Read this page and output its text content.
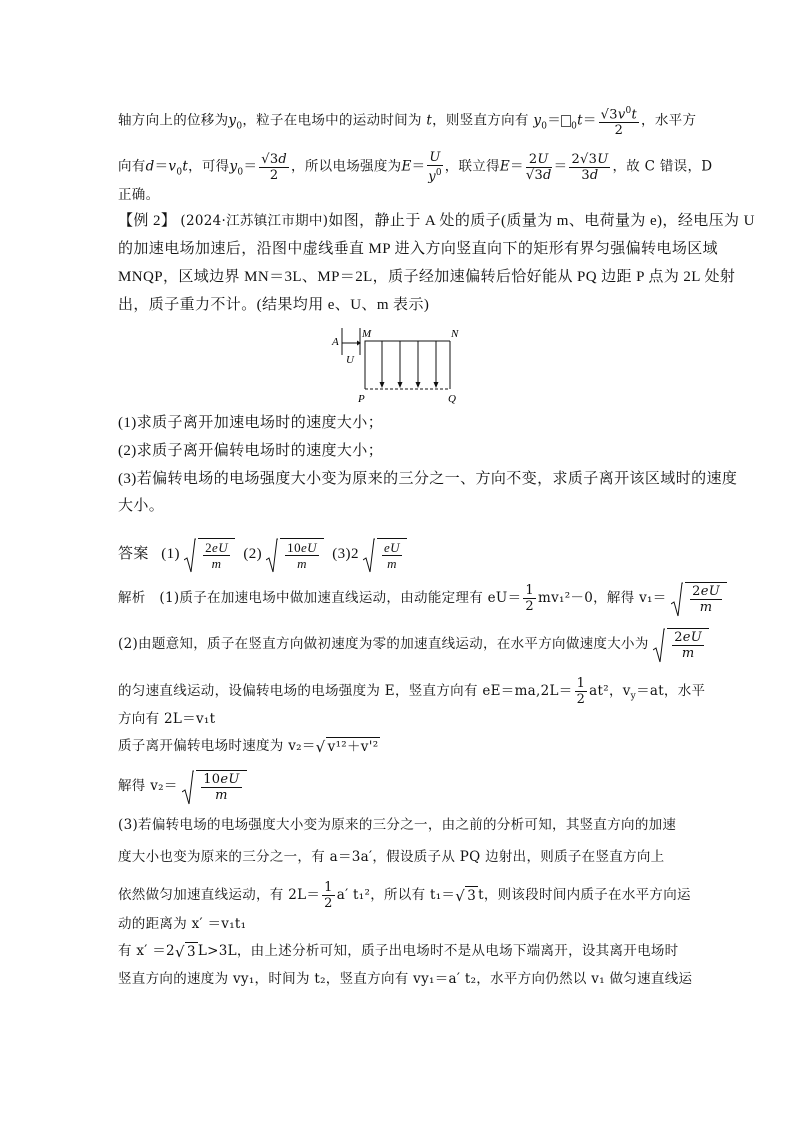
轴方向上的位移为$y_0$，粒子在电场中的运动时间为 t，则竖直方向有 $y_0= _0t= \frac{√3v^0t}{2}$ ，水平方
向有$d=v_0t$，可得$y_0= \frac{√3d}{2}$ ，所以电场强度为$E= \frac{U}{y^0}$ ，联立得$E= \frac{2U}{√3d} = \frac{2√3U}{3d}$ ，故 C 错误，D
正确。
【例 2】 (2024·江苏镇江市期中)如图，静止于 A 处的质子(质量为 m、电荷量为 e)，经电压为 U
的加速电场加速后，沿图中虚线垂直 MP 进入方向竖直向下的矩形有界匀强偏转电场区域
MNQP，区域边界 MN＝3L、MP＝2L，质子经加速偏转后恰好能从 PQ 边距 P 点为 2L 处射
出，质子重力不计。(结果均用 e、U、m 表示)
A
M	N
P	Q
U
(1)求质子离开加速电场时的速度大小；
(2)求质子离开偏转电场时的速度大小；
(3)若偏转电场的电场强度大小变为原来的三分之一、方向不变，求质子离开该区域时的速度
大小。
答案 $(1) \frac{2eU}{m} (2) \frac{10eU}{m} (3)2 \frac{eU}{m}$
解析　(1)质子在加速电场中做加速直线运动，由动能定理有 $eU= \frac{1}{2} mv_1^2-0$，解得 $v_1= \frac{2eU}{m}$
(2)由题意知，质子在竖直方向做初速度为零的加速直线运动，在水平方向做速度大小为 $\frac{2eU}{m}$
的匀速直线运动，设偏转电场的电场强度为 E，竖直方向有 $eE=ma,2L= \frac{1}{2} at^2$，$v_y=at$，水平
方向有 2L＝v₁t
质子离开偏转电场时速度为 v₂＝ √ v¹²＋v'²
解得 $v_2= \frac{10eU}{m}$
(3)若偏转电场的电场强度大小变为原来的三分之一，由之前的分析可知，其竖直方向的加速
度大小也变为原来的三分之一，有 a＝3a′，假设质子从 PQ 边射出，则质子在竖直方向上
依然做匀加速直线运动，有 $2L= \frac{1}{2} a'$ t₁²，所以有 t₁＝ √ 3 t，则该段时间内质子在水平方向运
动的距离为 x′ ＝v₁t₁
有 x′ ＝2 √ 3 L>3L，由上述分析可知，质子出电场时不是从电场下端离开，设其离开电场时
竖直方向的速度为 vy₁，时间为 t₂，竖直方向有 vy₁＝a′ t₂，水平方向仍然以 v₁ 做匀速直线运
